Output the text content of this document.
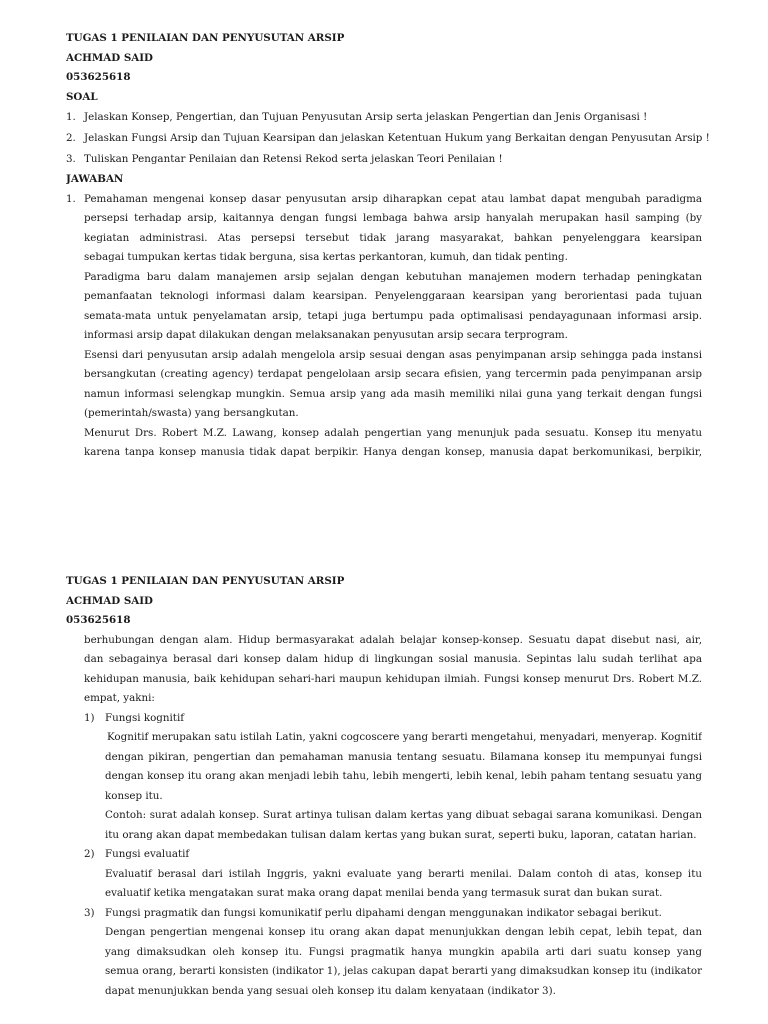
TUGAS 1 PENILAIAN DAN PENYUSUTAN ARSIP
ACHMAD SAID
053625618
SOAL
1. Jelaskan Konsep, Pengertian, dan Tujuan Penyusutan Arsip serta jelaskan Pengertian dan Jenis Organisasi !
2. Jelaskan Fungsi Arsip dan Tujuan Kearsipan dan jelaskan Ketentuan Hukum yang Berkaitan dengan Penyusutan Arsip !
3. Tuliskan Pengantar Penilaian dan Retensi Rekod serta jelaskan Teori Penilaian !
JAWABAN
1. Pemahaman mengenai konsep dasar penyusutan arsip diharapkan cepat atau lambat dapat mengubah paradigma
persepsi terhadap arsip, kaitannya dengan fungsi lembaga bahwa arsip hanyalah merupakan hasil samping (by
kegiatan administrasi. Atas persepsi tersebut tidak jarang masyarakat, bahkan penyelenggara kearsipan
sebagai tumpukan kertas tidak berguna, sisa kertas perkantoran, kumuh, dan tidak penting.
Paradigma baru dalam manajemen arsip sejalan dengan kebutuhan manajemen modern terhadap peningkatan
pemanfaatan teknologi informasi dalam kearsipan. Penyelenggaraan kearsipan yang berorientasi pada tujuan
semata-mata untuk penyelamatan arsip, tetapi juga bertumpu pada optimalisasi pendayagunaan informasi arsip.
informasi arsip dapat dilakukan dengan melaksanakan penyusutan arsip secara terprogram.
Esensi dari penyusutan arsip adalah mengelola arsip sesuai dengan asas penyimpanan arsip sehingga pada instansi
bersangkutan (creating agency) terdapat pengelolaan arsip secara efisien, yang tercermin pada penyimpanan arsip
namun informasi selengkap mungkin. Semua arsip yang ada masih memiliki nilai guna yang terkait dengan fungsi
(pemerintah/swasta) yang bersangkutan.
Menurut Drs. Robert M.Z. Lawang, konsep adalah pengertian yang menunjuk pada sesuatu. Konsep itu menyatu
karena tanpa konsep manusia tidak dapat berpikir. Hanya dengan konsep, manusia dapat berkomunikasi, berpikir,
TUGAS 1 PENILAIAN DAN PENYUSUTAN ARSIP
ACHMAD SAID
053625618
berhubungan dengan alam. Hidup bermasyarakat adalah belajar konsep-konsep. Sesuatu dapat disebut nasi, air,
dan sebagainya berasal dari konsep dalam hidup di lingkungan sosial manusia. Sepintas lalu sudah terlihat apa
kehidupan manusia, baik kehidupan sehari-hari maupun kehidupan ilmiah. Fungsi konsep menurut Drs. Robert M.Z.
empat, yakni:
1)	Fungsi kognitif
Kognitif merupakan satu istilah Latin, yakni cogcoscere yang berarti mengetahui, menyadari, menyerap. Kognitif
dengan pikiran, pengertian dan pemahaman manusia tentang sesuatu. Bilamana konsep itu mempunyai fungsi
dengan konsep itu orang akan menjadi lebih tahu, lebih mengerti, lebih kenal, lebih paham tentang sesuatu yang
konsep itu.
Contoh: surat adalah konsep. Surat artinya tulisan dalam kertas yang dibuat sebagai sarana komunikasi. Dengan
itu orang akan dapat membedakan tulisan dalam kertas yang bukan surat, seperti buku, laporan, catatan harian.
2)	Fungsi evaluatif
Evaluatif berasal dari istilah Inggris, yakni evaluate yang berarti menilai. Dalam contoh di atas, konsep itu
evaluatif ketika mengatakan surat maka orang dapat menilai benda yang termasuk surat dan bukan surat.
3)	Fungsi pragmatik dan fungsi komunikatif perlu dipahami dengan menggunakan indikator sebagai berikut.
Dengan pengertian mengenai konsep itu orang akan dapat menunjukkan dengan lebih cepat, lebih tepat, dan
yang dimaksudkan oleh konsep itu. Fungsi pragmatik hanya mungkin apabila arti dari suatu konsep yang
semua orang, berarti konsisten (indikator 1), jelas cakupan dapat berarti yang dimaksudkan konsep itu (indikator
dapat menunjukkan benda yang sesuai oleh konsep itu dalam kenyataan (indikator 3).
